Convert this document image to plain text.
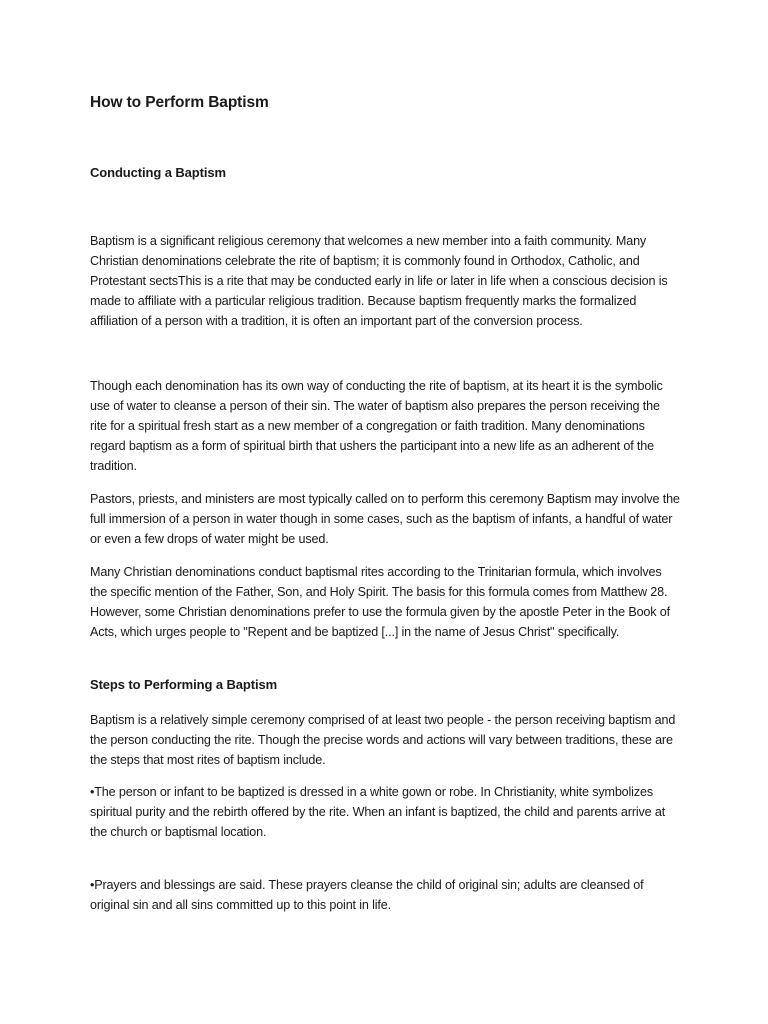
How to Perform Baptism
Conducting a Baptism

Baptism is a significant religious ceremony that welcomes a new member into a faith community. Many Christian denominations celebrate the rite of baptism; it is commonly found in Orthodox, Catholic, and Protestant sectsThis is a rite that may be conducted early in life or later in life when a conscious decision is made to affiliate with a particular religious tradition. Because baptism frequently marks the formalized affiliation of a person with a tradition, it is often an important part of the conversion process.

Though each denomination has its own way of conducting the rite of baptism, at its heart it is the symbolic use of water to cleanse a person of their sin. The water of baptism also prepares the person receiving the rite for a spiritual fresh start as a new member of a congregation or faith tradition. Many denominations regard baptism as a form of spiritual birth that ushers the participant into a new life as an adherent of the tradition.

Pastors, priests, and ministers are most typically called on to perform this ceremony Baptism may involve the full immersion of a person in water though in some cases, such as the baptism of infants, a handful of water or even a few drops of water might be used.

Many Christian denominations conduct baptismal rites according to the Trinitarian formula, which involves the specific mention of the Father, Son, and Holy Spirit. The basis for this formula comes from Matthew 28. However, some Christian denominations prefer to use the formula given by the apostle Peter in the Book of Acts, which urges people to "Repent and be baptized [...] in the name of Jesus Christ" specifically.

Steps to Performing a Baptism

Baptism is a relatively simple ceremony comprised of at least two people - the person receiving baptism and the person conducting the rite. Though the precise words and actions will vary between traditions, these are the steps that most rites of baptism include.

•The person or infant to be baptized is dressed in a white gown or robe. In Christianity, white symbolizes spiritual purity and the rebirth offered by the rite. When an infant is baptized, the child and parents arrive at the church or baptismal location.

•Prayers and blessings are said. These prayers cleanse the child of original sin; adults are cleansed of original sin and all sins committed up to this point in life.
